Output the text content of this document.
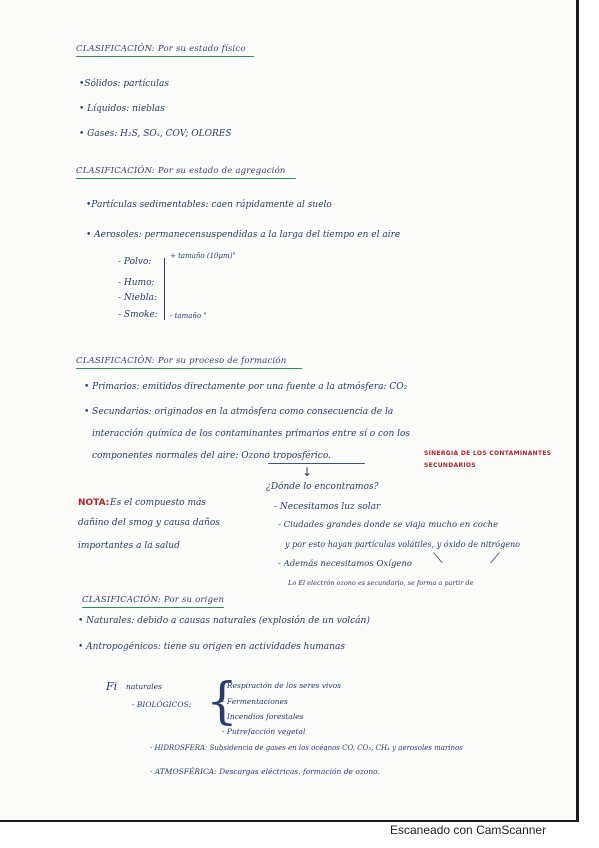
CLASIFICACIÓN: Por su estado físico
•Sólidos: partículas
• Líquidos: nieblas
• Gases: H₂S, SOₓ, COV; OLORES
CLASIFICACIÓN: Por su estado de agregación
•Partículas sedimentables: caen rápidamente al suelo
• Aerosoles: permanecensuspendidas a la larga del tiempo en el aire
+ tamaño (10μm)"
- Polvo:
- Humo:
- Niebla:
- Smoke: - tamaño "
CLASIFICACIÓN: Por su proceso de formación
• Primarios: emitidos directamente por una fuente a la atmósfera: CO₂
• Secundarios: originados en la atmósfera como consecuencia de la
interacción química de los contaminantes primarios entre sí o con los
componentes normales del aire: Ozono troposférico.	SINERGIA DE LOS CONTAMINANTES
SECUNDARIOS
↓
¿Dónde lo encontramos?
NOTA: Es el compuesto más
dañino del smog y causa daños
importantes a la salud
- Necesitamos luz solar
- Ciudades grandes donde se viaja mucho en coche
y por esto hayan partículas volátiles, y óxido de nitrógeno
⟍	⟋
- Además necesitamos Oxígeno
Lo El electrón ozono es secundario, se forma a partir de
CLASIFICACIÓN: Por su origen
• Naturales: debido a causas naturales (explosión de un volcán)
• Antropogénicos: tiene su origen en actividades humanas
Fi naturales
- BIOLÓGICOS: {
- Respiración de los seres vivos
- Fermentaciones
- Incendios forestales
- Putrefacción vegetal
· HIDROSFERA: Subsidencia de gases en los océanos CO, CO₂, CH₄ y aerosoles marinos
· ATMOSFÉRICA: Descargas eléctricas, formación de ozono.
Escaneado con CamScanner
